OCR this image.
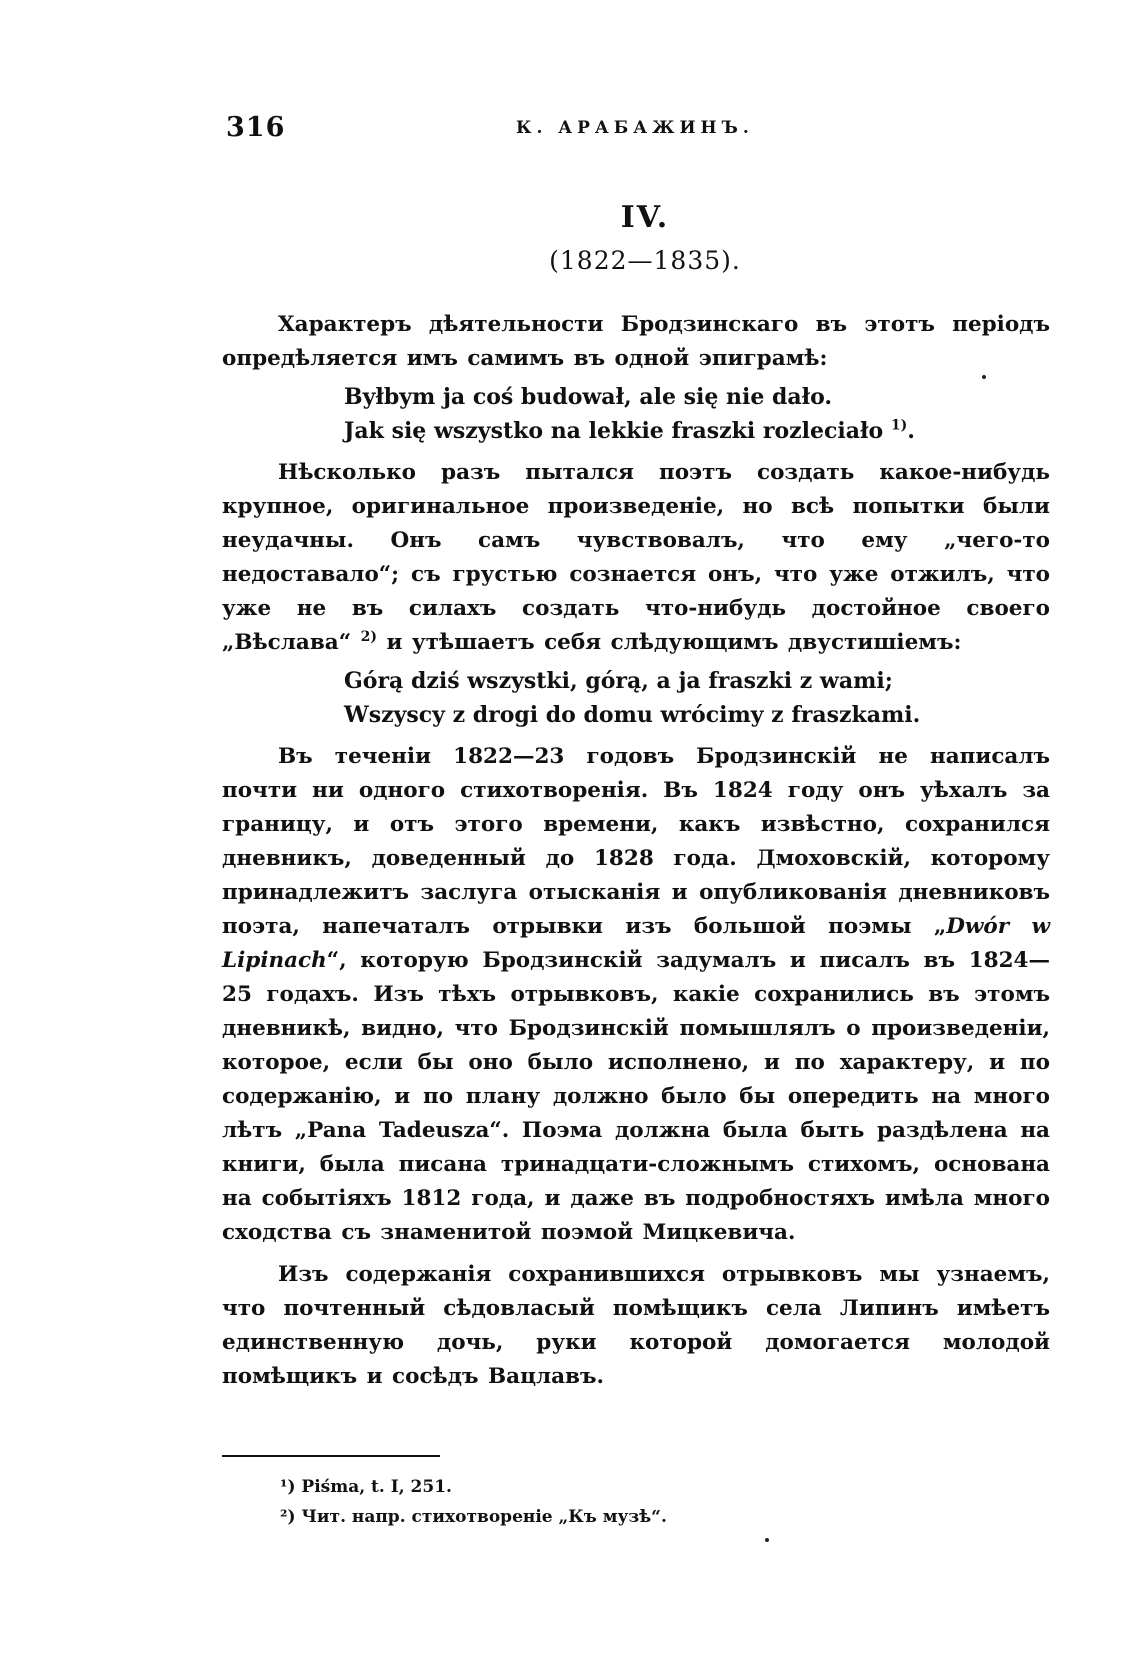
316	К. АРАБАЖИНЪ.
IV.
(1822—1835).

Характеръ дѣятельности Бродзинскаго въ этотъ періодъ опредѣляется имъ самимъ въ одной эпиграмѣ:

Byłbym ja coś budował, ale się nie dało.
Jak się wszystko na lekkie fraszki rozleciało $^{1)}$.

Нѣсколько разъ пытался поэтъ создать какое-нибудь крупное, оригинальное произведеніе, но всѣ попытки были неудачны. Онъ самъ чувствовалъ, что ему „чего-то недоставало“; съ грустью сознается онъ, что уже отжилъ, что уже не въ силахъ создать что-нибудь достойное своего „Вѣслава“ $^{2)}$ и утѣшаетъ себя слѣдующимъ двустишіемъ:

Górą dziś wszystki, górą, a ja fraszki z wami;
Wszyscy z drogi do domu wrócimy z fraszkami.

Въ теченіи 1822—23 годовъ Бродзинскій не написалъ почти ни одного стихотворенія. Въ 1824 году онъ уѣхалъ за границу, и отъ этого времени, какъ извѣстно, сохранился дневникъ, доведенный до 1828 года. Дмоховскій, которому принадлежитъ заслуга отысканія и опубликованія дневниковъ поэта, напечаталъ отрывки изъ большой поэмы „Dwór w Lipinach“, которую Бродзинскій задумалъ и писалъ въ 1824—25 годахъ. Изъ тѣхъ отрывковъ, какіе сохранились въ этомъ дневникѣ, видно, что Бродзинскій помышлялъ о произведеніи, которое, если бы оно было исполнено, и по характеру, и по содержанію, и по плану должно было бы опередить на много лѣтъ „Pana Tadeusza“. Поэма должна была быть раздѣлена на книги, была писана тринадцати-сложнымъ стихомъ, основана на событіяхъ 1812 года, и даже въ подробностяхъ имѣла много сходства съ знаменитой поэмой Мицкевича.

Изъ содержанія сохранившихся отрывковъ мы узнаемъ, что почтенный сѣдовласый помѣщикъ села Липинъ имѣетъ единственную дочь, руки которой домогается молодой помѣщикъ и сосѣдъ Вацлавъ.

¹) Piśma, t. I, 251.
²) Чит. напр. стихотвореніе „Къ музѣ“.
